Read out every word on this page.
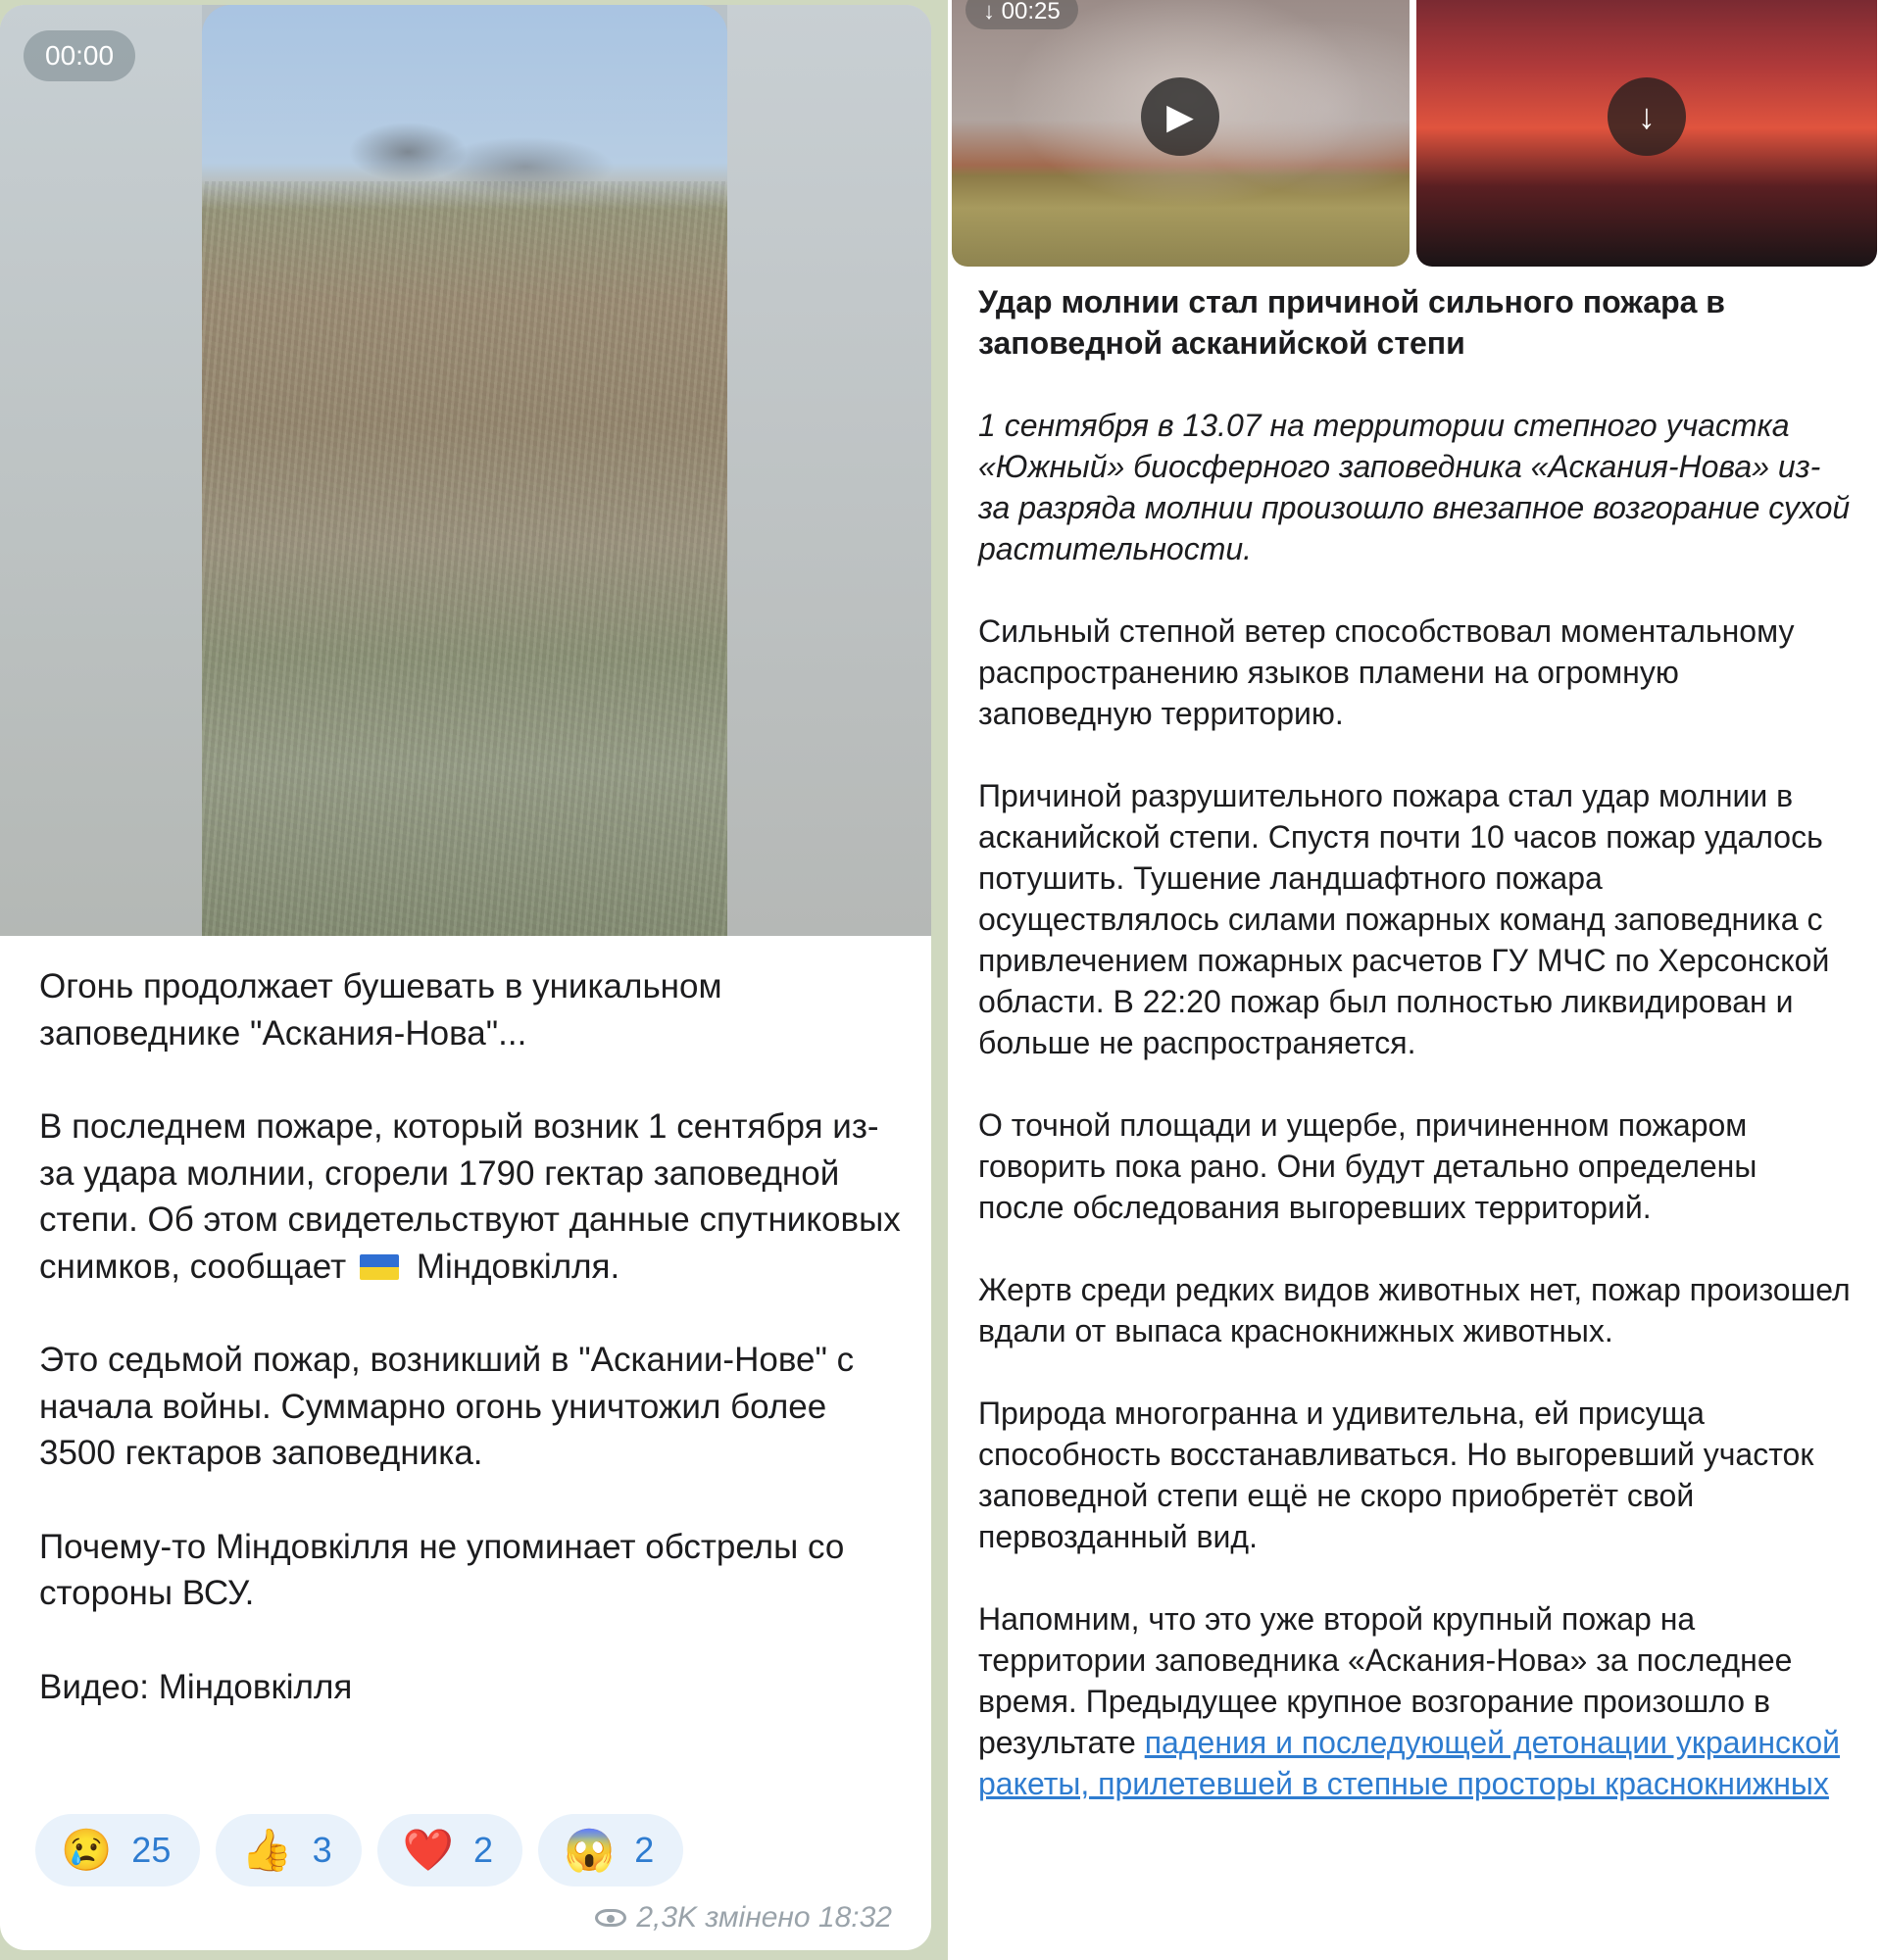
00:00

Огонь продолжает бушевать в уникальном заповеднике "Аскания-Нова"...

В последнем пожаре, который возник 1 сентября из-за удара молнии, сгорели 1790 гектар заповедной степи. Об этом свидетельствуют данные спутниковых снимков, сообщает Міндовкілля.

Это седьмой пожар, возникший в "Аскании-Нове" с начала войны. Суммарно огонь уничтожил более 3500 гектаров заповедника.

Почему-то Міндовкілля не упоминает обстрелы со стороны ВСУ.

Видео: Міндовкілля

😢 25 👍 3 ❤️ 2 😱 2
2,3K змінено 18:32
↓ 00:25
▶	↓
Удар молнии стал причиной сильного пожара в заповедной асканийской степи

1 сентября в 13.07 на территории степного участка «Южный» биосферного заповедника «Аскания-Нова» из-за разряда молнии произошло внезапное возгорание сухой растительности.

Сильный степной ветер способствовал моментальному распространению языков пламени на огромную заповедную территорию.

Причиной разрушительного пожара стал удар молнии в асканийской степи. Спустя почти 10 часов пожар удалось потушить. Тушение ландшафтного пожара осуществлялось силами пожарных команд заповедника с привлечением пожарных расчетов ГУ МЧС по Херсонской области. В 22:20 пожар был полностью ликвидирован и больше не распространяется.

О точной площади и ущербе, причиненном пожаром говорить пока рано. Они будут детально определены после обследования выгоревших территорий.

Жертв среди редких видов животных нет, пожар произошел вдали от выпаса краснокнижных животных.

Природа многогранна и удивительна, ей присуща способность восстанавливаться. Но выгоревший участок заповедной степи ещё не скоро приобретёт свой первозданный вид.

Напомним, что это уже второй крупный пожар на территории заповедника «Аскания-Нова» за последнее время. Предыдущее крупное возгорание произошло в результате падения и последующей детонации украинской ракеты, прилетевшей в степные просторы краснокнижных
